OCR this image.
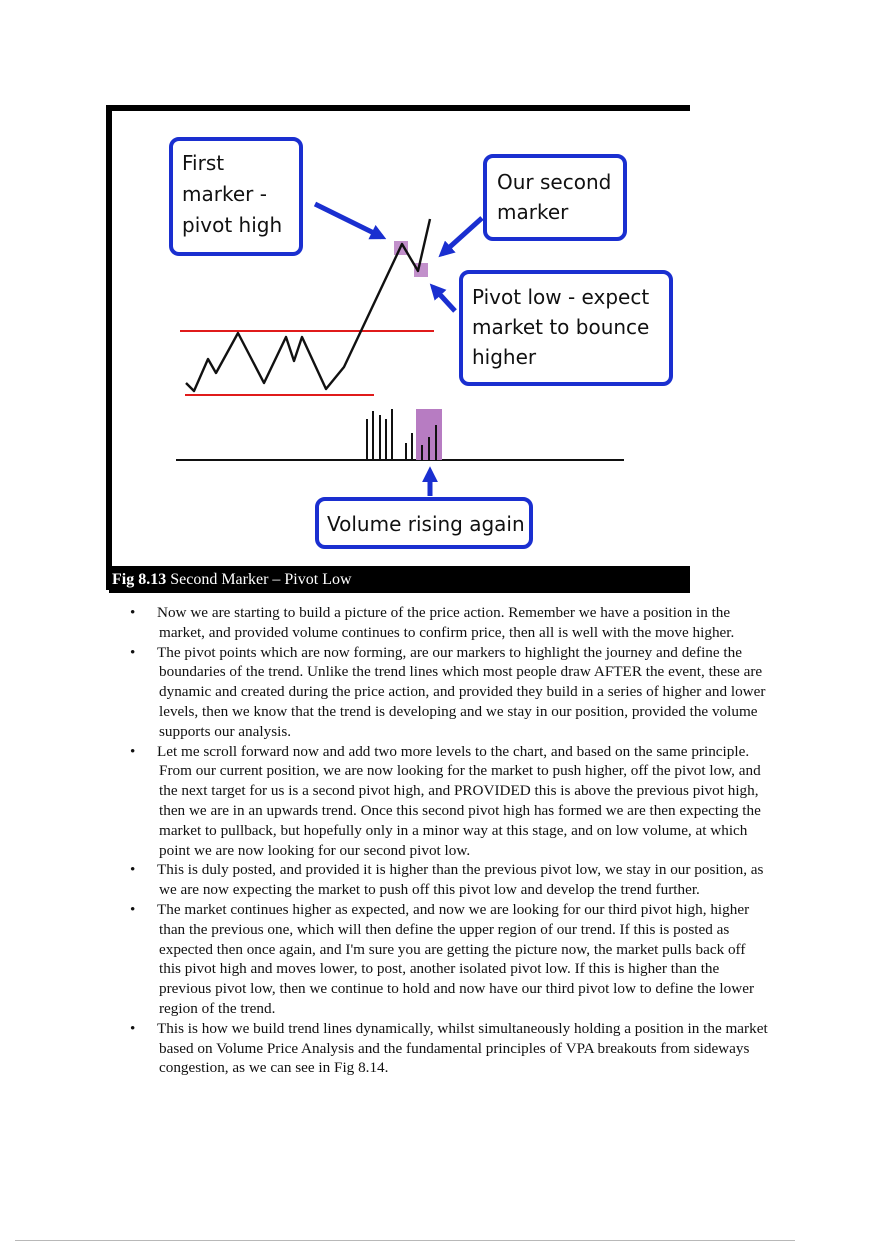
First marker - pivot high
Our second marker
Pivot low - expect market to bounce higher
Volume rising again
Fig 8.13 Second Marker – Pivot Low
•	Now we are starting to build a picture of the price action. Remember we have a position in the market, and provided volume continues to confirm price, then all is well with the move higher.
•	The pivot points which are now forming, are our markers to highlight the journey and define the boundaries of the trend. Unlike the trend lines which most people draw AFTER the event, these are dynamic and created during the price action, and provided they build in a series of higher and lower levels, then we know that the trend is developing and we stay in our position, provided the volume supports our analysis.
•	Let me scroll forward now and add two more levels to the chart, and based on the same principle. From our current position, we are now looking for the market to push higher, off the pivot low, and the next target for us is a second pivot high, and PROVIDED this is above the previous pivot high, then we are in an upwards trend. Once this second pivot high has formed we are then expecting the market to pullback, but hopefully only in a minor way at this stage, and on low volume, at which point we are now looking for our second pivot low.
•	This is duly posted, and provided it is higher than the previous pivot low, we stay in our position, as we are now expecting the market to push off this pivot low and develop the trend further.
•	The market continues higher as expected, and now we are looking for our third pivot high, higher than the previous one, which will then define the upper region of our trend. If this is posted as expected then once again, and I'm sure you are getting the picture now, the market pulls back off this pivot high and moves lower, to post, another isolated pivot low. If this is higher than the previous pivot low, then we continue to hold and now have our third pivot low to define the lower region of the trend.
•	This is how we build trend lines dynamically, whilst simultaneously holding a position in the market based on Volume Price Analysis and the fundamental principles of VPA breakouts from sideways congestion, as we can see in Fig 8.14.
